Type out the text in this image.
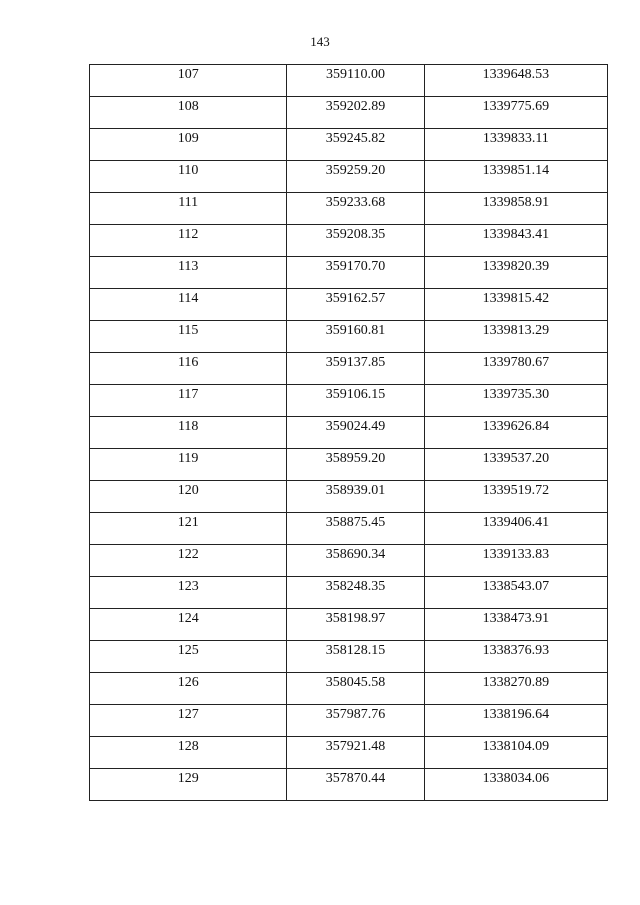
143
107	359110.00	1339648.53
108	359202.89	1339775.69
109	359245.82	1339833.11
110	359259.20	1339851.14
111	359233.68	1339858.91
112	359208.35	1339843.41
113	359170.70	1339820.39
114	359162.57	1339815.42
115	359160.81	1339813.29
116	359137.85	1339780.67
117	359106.15	1339735.30
118	359024.49	1339626.84
119	358959.20	1339537.20
120	358939.01	1339519.72
121	358875.45	1339406.41
122	358690.34	1339133.83
123	358248.35	1338543.07
124	358198.97	1338473.91
125	358128.15	1338376.93
126	358045.58	1338270.89
127	357987.76	1338196.64
128	357921.48	1338104.09
129	357870.44	1338034.06
